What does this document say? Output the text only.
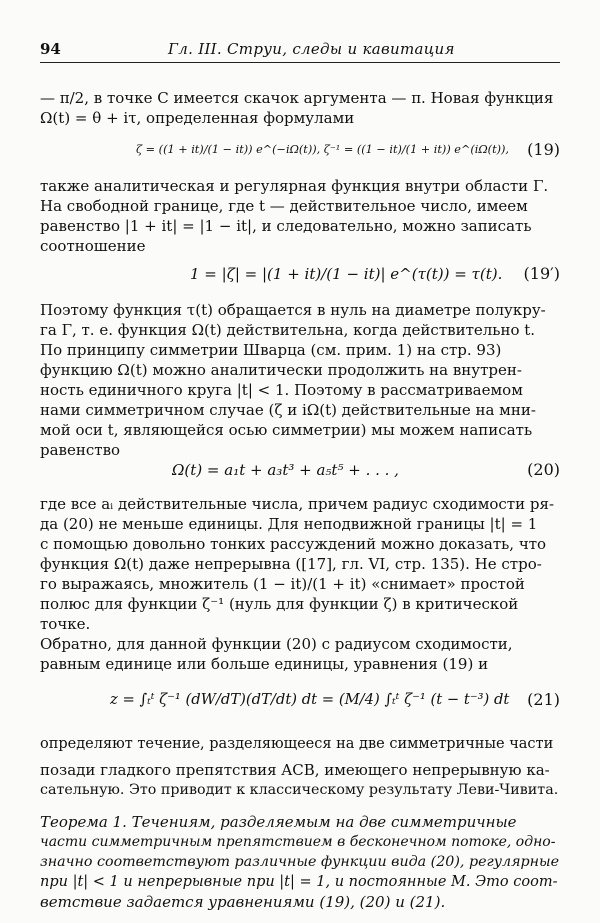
94	Гл. III. Струи, следы и кавитация
— π/2, в точке C имеется скачок аргумента — π. Новая функция
Ω(t) = θ + iτ, определенная формулами
ζ = ((1 + it)/(1 − it)) e^(−iΩ(t)), ζ⁻¹ = ((1 − it)/(1 + it)) e^(iΩ(t)), (19)
также аналитическая и регулярная функция внутри области Γ.
На свободной границе, где t — действительное число, имеем
равенство |1 + it| = |1 − it|, и следовательно, можно записать
соотношение
1 = |ζ| = |(1 + it)/(1 − it)| e^(τ(t)) = τ(t). (19′)
Поэтому функция τ(t) обращается в нуль на диаметре полукру-
га Γ, т. е. функция Ω(t) действительна, когда действительно t.
По принципу симметрии Шварца (см. прим. 1) на стр. 93)
функцию Ω(t) можно аналитически продолжить на внутрен-
ность единичного круга |t| < 1. Поэтому в рассматриваемом
нами симметричном случае (ζ и iΩ(t) действительные на мни-
мой оси t, являющейся осью симметрии) мы можем написать
равенство
Ω(t) = a₁t + a₃t³ + a₅t⁵ + . . . ,	(20)
где все aᵢ действительные числа, причем радиус сходимости ря-
да (20) не меньше единицы. Для неподвижной границы |t| = 1
с помощью довольно тонких рассуждений можно доказать, что
функция Ω(t) даже непрерывна ([17], гл. VI, стр. 135). Не стро-
го выражаясь, множитель (1 − it)/(1 + it) «снимает» простой
полюс для функции ζ⁻¹ (нуль для функции ζ) в критической
точке.
Обратно, для данной функции (20) с радиусом сходимости,
равным единице или больше единицы, уравнения (19) и
z = ∫ₜᵗ ζ⁻¹ (dW/dT)(dT/dt) dt = (M/4) ∫ₜᵗ ζ⁻¹ (t − t⁻³) dt (21)
определяют течение, разделяющееся на две симметричные части
позади гладкого препятствия ACB, имеющего непрерывную ка-
сательную. Это приводит к классическому результату Леви-Чивита.
Теорема 1. Течениям, разделяемым на две симметричные
части симметричным препятствием в бесконечном потоке, одно-
значно соответствуют различные функции вида (20), регулярные
при |t| < 1 и непрерывные при |t| = 1, и постоянные M. Это соот-
ветствие задается уравнениями (19), (20) и (21).
